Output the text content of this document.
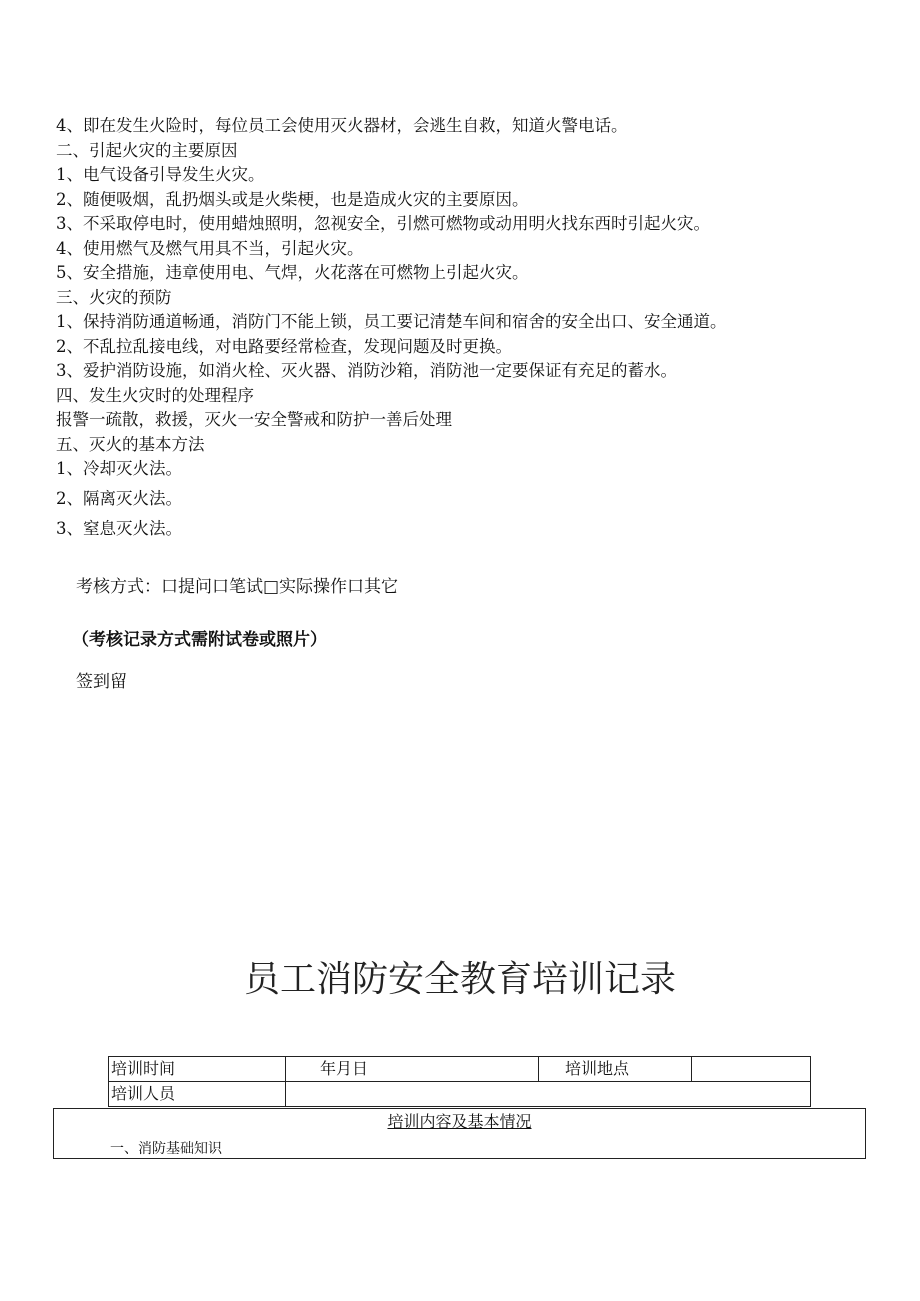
4、即在发生火险时，每位员工会使用灭火器材，会逃生自救，知道火警电话。
二、引起火灾的主要原因
1、电气设备引导发生火灾。
2、随便吸烟，乱扔烟头或是火柴梗，也是造成火灾的主要原因。
3、不采取停电时，使用蜡烛照明，忽视安全，引燃可燃物或动用明火找东西时引起火灾。
4、使用燃气及燃气用具不当，引起火灾。
5、安全措施，违章使用电、气焊，火花落在可燃物上引起火灾。
三、火灾的预防
1、保持消防通道畅通，消防门不能上锁，员工要记清楚车间和宿舍的安全出口、安全通道。
2、不乱拉乱接电线，对电路要经常检查，发现问题及时更换。
3、爱护消防设施，如消火栓、灭火器、消防沙箱，消防池一定要保证有充足的蓄水。
四、发生火灾时的处理程序
报警一疏散，救援，灭火一安全警戒和防护一善后处理
五、灭火的基本方法
1、冷却灭火法。
2、隔离灭火法。
3、窒息灭火法。
考核方式：口提问口笔试□实际操作口其它
（考核记录方式需附试卷或照片）
签到留
员工消防安全教育培训记录
培训时间	年月日	培训地点	
培训人员			
培训内容及基本情况
一、消防基础知识
